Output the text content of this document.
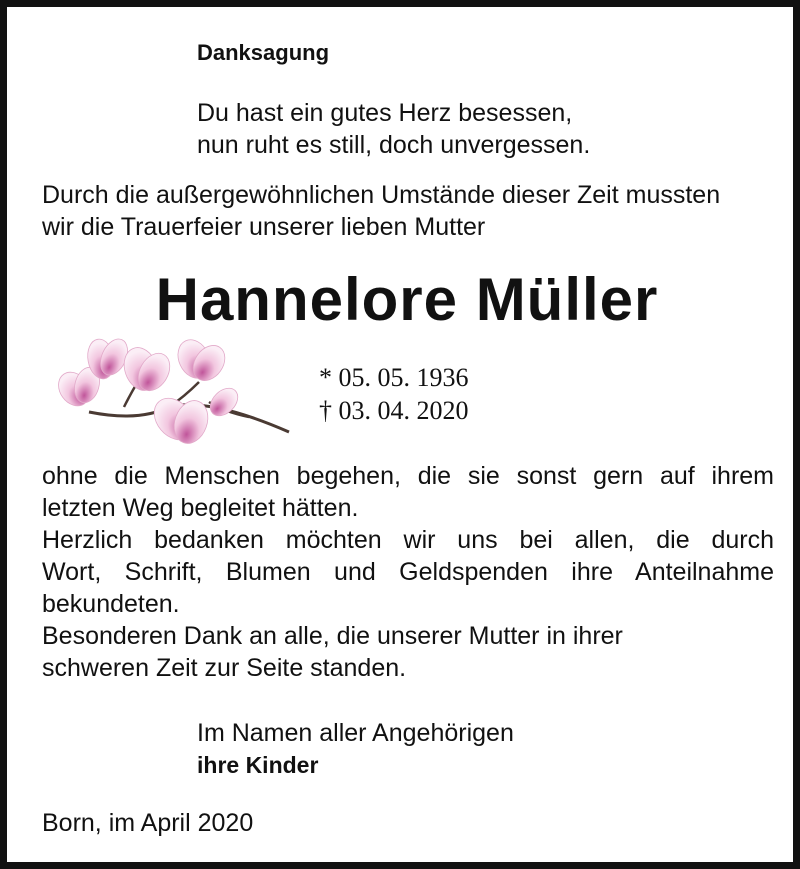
Danksagung
Du hast ein gutes Herz besessen,
nun ruht es still, doch unvergessen.
Durch die außergewöhnlichen Umstände dieser Zeit mussten
wir die Trauerfeier unserer lieben Mutter
Hannelore Müller
* 05. 05. 1936
† 03. 04. 2020
ohne die Menschen begehen, die sie sonst gern auf ihrem
letzten Weg begleitet hätten.
Herzlich bedanken möchten wir uns bei allen, die durch
Wort, Schrift, Blumen und Geldspenden ihre Anteilnahme
bekundeten.
Besonderen Dank an alle, die unserer Mutter in ihrer
schweren Zeit zur Seite standen.
Im Namen aller Angehörigen
ihre Kinder
Born, im April 2020
